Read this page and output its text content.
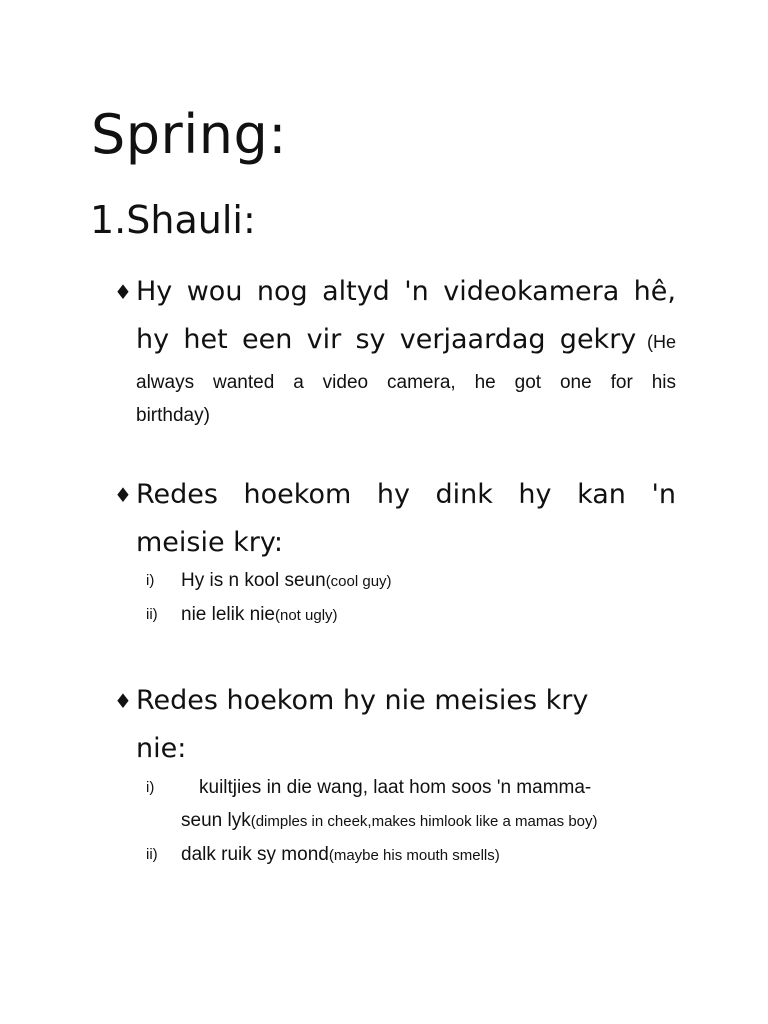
Spring:
1.Shauli:
♦ Hy wou nog altyd 'n videokamera hê,
hy het een vir sy verjaardag gekry (He
always wanted a video camera, he got one for his
birthday)
♦ Redes hoekom hy dink hy kan 'n
meisie kry:
i) Hy is n kool seun(cool guy)
ii) nie lelik nie(not ugly)
♦ Redes hoekom hy nie meisies kry
nie:
i)	kuiltjies in die wang, laat hom soos 'n mamma-
seun lyk(dimples in cheek,makes himlook like a mamas boy)
ii) dalk ruik sy mond(maybe his mouth smells)
